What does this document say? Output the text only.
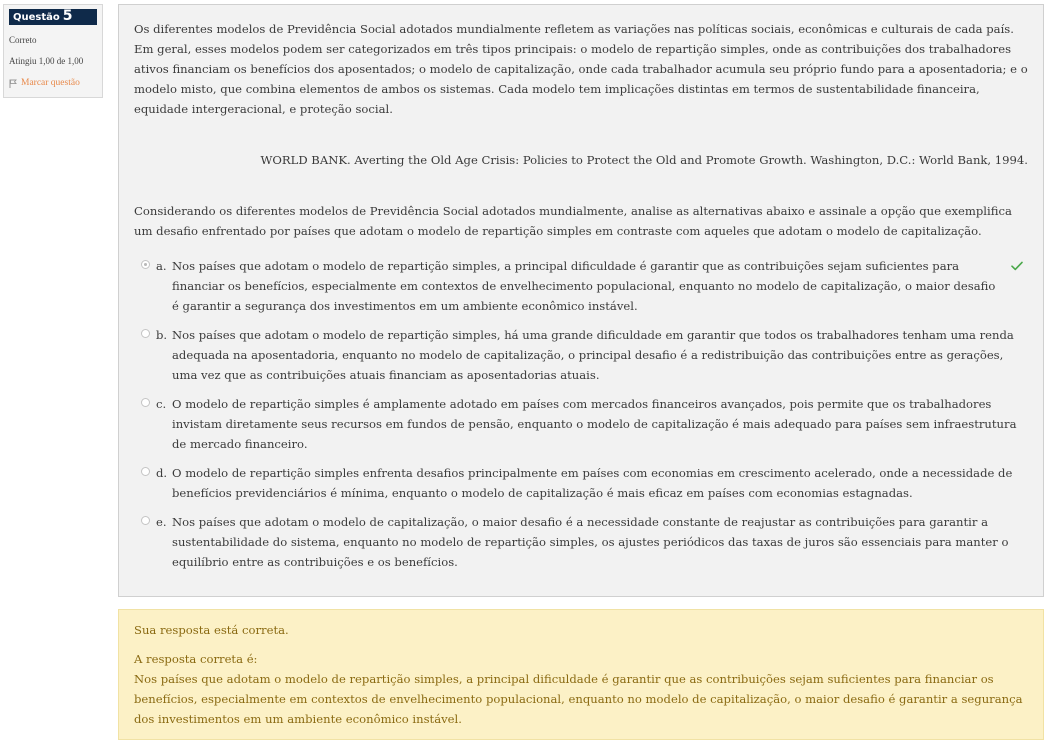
Questão 5
Correto
Atingiu 1,00 de 1,00
Marcar questão

Os diferentes modelos de Previdência Social adotados mundialmente refletem as variações nas políticas sociais, econômicas e culturais de cada país. Em geral, esses modelos podem ser categorizados em três tipos principais: o modelo de repartição simples, onde as contribuições dos trabalhadores ativos financiam os benefícios dos aposentados; o modelo de capitalização, onde cada trabalhador acumula seu próprio fundo para a aposentadoria; e o modelo misto, que combina elementos de ambos os sistemas. Cada modelo tem implicações distintas em termos de sustentabilidade financeira, equidade intergeracional, e proteção social.

WORLD BANK. Averting the Old Age Crisis: Policies to Protect the Old and Promote Growth. Washington, D.C.: World Bank, 1994.

Considerando os diferentes modelos de Previdência Social adotados mundialmente, analise as alternativas abaixo e assinale a opção que exemplifica um desafio enfrentado por países que adotam o modelo de repartição simples em contraste com aqueles que adotam o modelo de capitalização.

a. Nos países que adotam o modelo de repartição simples, a principal dificuldade é garantir que as contribuições sejam suficientes para financiar os benefícios, especialmente em contextos de envelhecimento populacional, enquanto no modelo de capitalização, o maior desafio é garantir a segurança dos investimentos em um ambiente econômico instável.
b. Nos países que adotam o modelo de repartição simples, há uma grande dificuldade em garantir que todos os trabalhadores tenham uma renda adequada na aposentadoria, enquanto no modelo de capitalização, o principal desafio é a redistribuição das contribuições entre as gerações, uma vez que as contribuições atuais financiam as aposentadorias atuais.
c. O modelo de repartição simples é amplamente adotado em países com mercados financeiros avançados, pois permite que os trabalhadores invistam diretamente seus recursos em fundos de pensão, enquanto o modelo de capitalização é mais adequado para países sem infraestrutura de mercado financeiro.
d. O modelo de repartição simples enfrenta desafios principalmente em países com economias em crescimento acelerado, onde a necessidade de benefícios previdenciários é mínima, enquanto o modelo de capitalização é mais eficaz em países com economias estagnadas.
e. Nos países que adotam o modelo de capitalização, o maior desafio é a necessidade constante de reajustar as contribuições para garantir a sustentabilidade do sistema, enquanto no modelo de repartição simples, os ajustes periódicos das taxas de juros são essenciais para manter o equilíbrio entre as contribuições e os benefícios.

Sua resposta está correta.

A resposta correta é:

Nos países que adotam o modelo de repartição simples, a principal dificuldade é garantir que as contribuições sejam suficientes para financiar os benefícios, especialmente em contextos de envelhecimento populacional, enquanto no modelo de capitalização, o maior desafio é garantir a segurança dos investimentos em um ambiente econômico instável.
